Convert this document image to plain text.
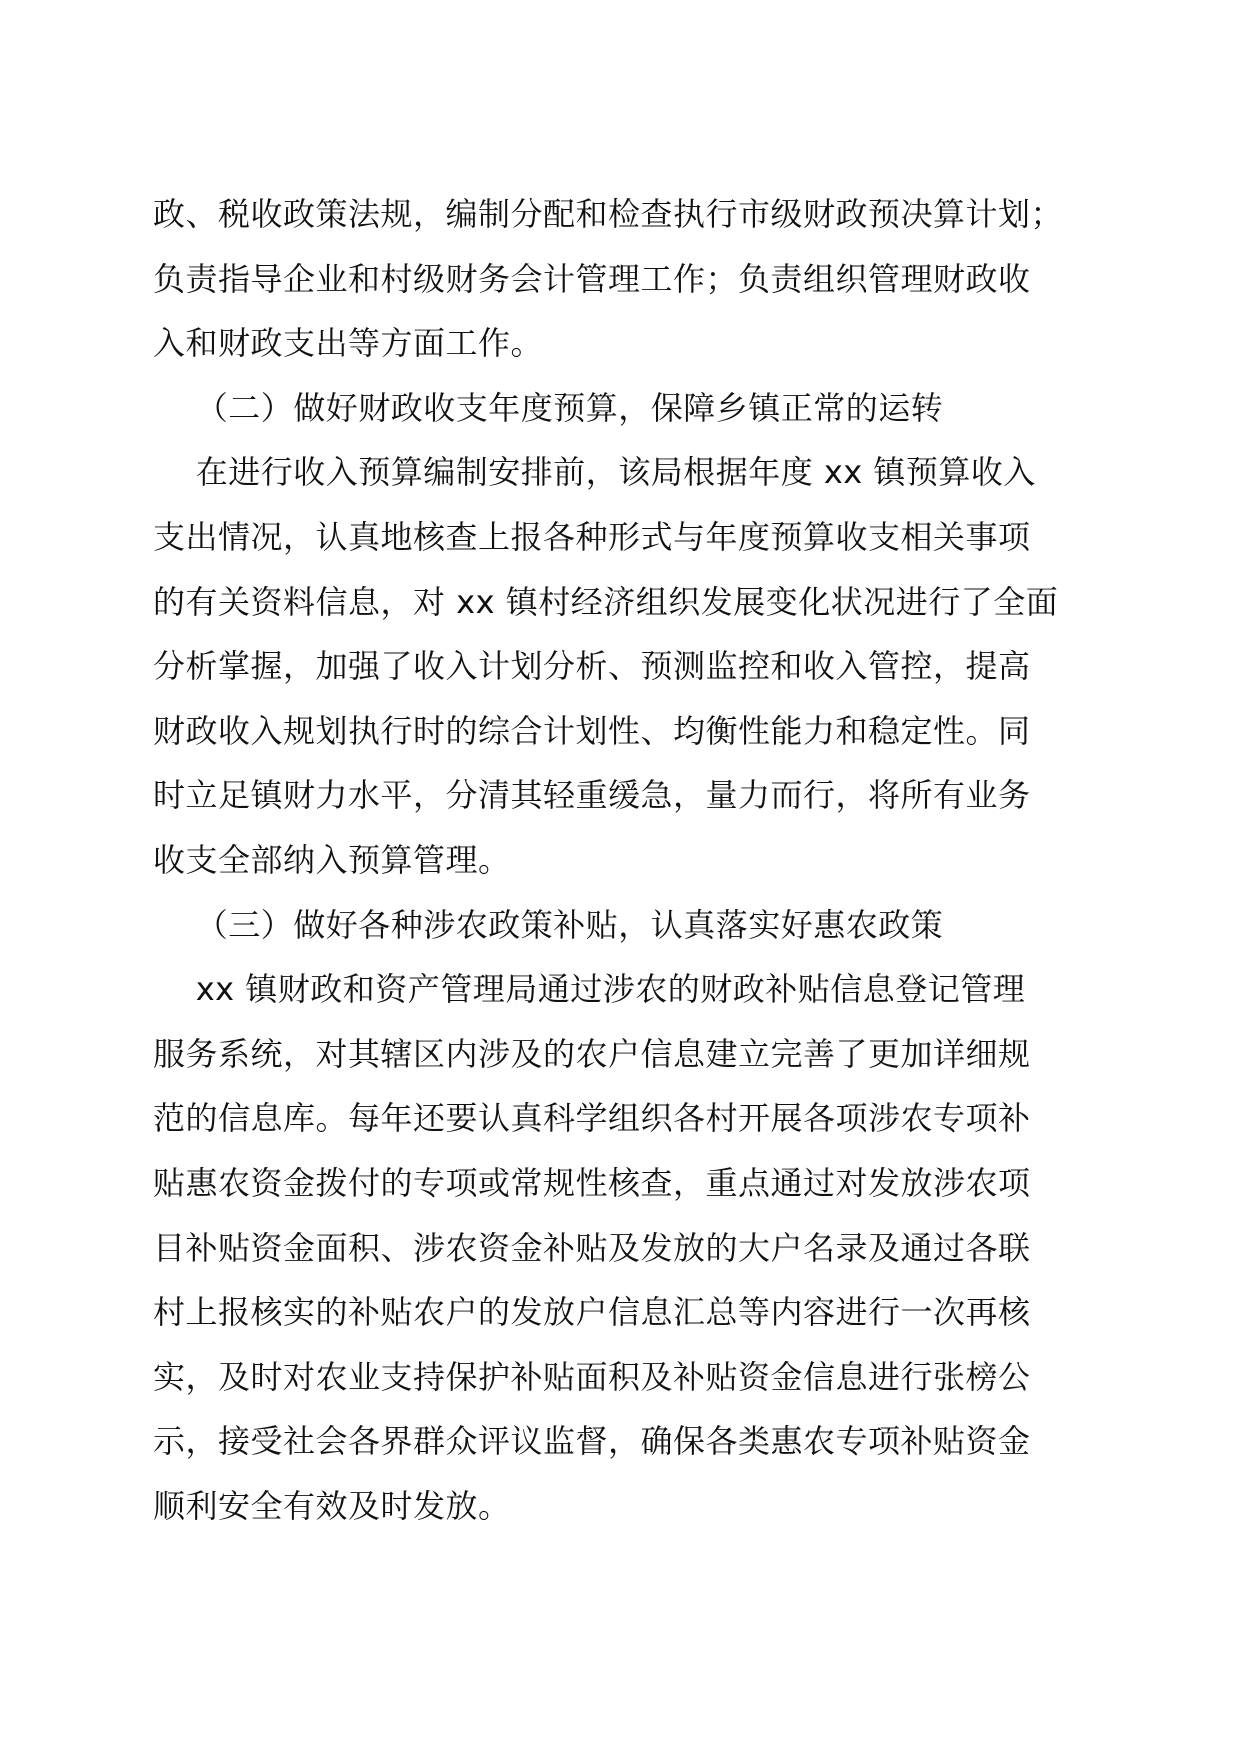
政、税收政策法规，编制分配和检查执行市级财政预决算计划；
负责指导企业和村级财务会计管理工作；负责组织管理财政收
入和财政支出等方面工作。
（二）做好财政收支年度预算，保障乡镇正常的运转
在进行收入预算编制安排前，该局根据年度 xx 镇预算收入
支出情况，认真地核查上报各种形式与年度预算收支相关事项
的有关资料信息，对 xx 镇村经济组织发展变化状况进行了全面
分析掌握，加强了收入计划分析、预测监控和收入管控，提高
财政收入规划执行时的综合计划性、均衡性能力和稳定性。同
时立足镇财力水平，分清其轻重缓急，量力而行，将所有业务
收支全部纳入预算管理。
（三）做好各种涉农政策补贴，认真落实好惠农政策
xx 镇财政和资产管理局通过涉农的财政补贴信息登记管理
服务系统，对其辖区内涉及的农户信息建立完善了更加详细规
范的信息库。每年还要认真科学组织各村开展各项涉农专项补
贴惠农资金拨付的专项或常规性核查，重点通过对发放涉农项
目补贴资金面积、涉农资金补贴及发放的大户名录及通过各联
村上报核实的补贴农户的发放户信息汇总等内容进行一次再核
实，及时对农业支持保护补贴面积及补贴资金信息进行张榜公
示，接受社会各界群众评议监督，确保各类惠农专项补贴资金
顺利安全有效及时发放。
